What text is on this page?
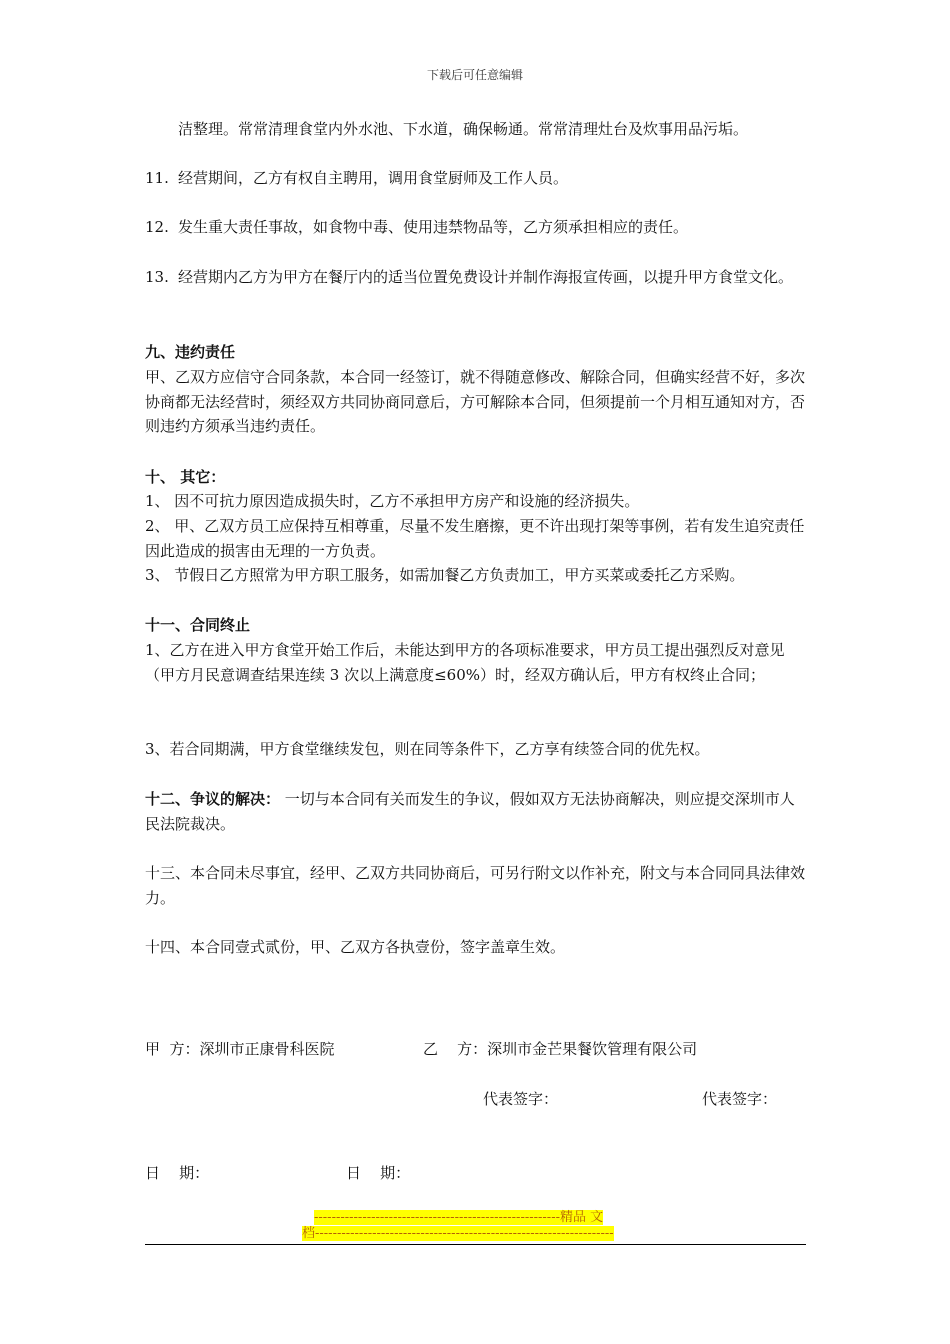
下载后可任意编辑

洁整理。常常清理食堂内外水池、下水道，确保畅通。常常清理灶台及炊事用品污垢。

11. 经营期间，乙方有权自主聘用，调用食堂厨师及工作人员。

12. 发生重大责任事故，如食物中毒、使用违禁物品等，乙方须承担相应的责任。

13. 经营期内乙方为甲方在餐厅内的适当位置免费设计并制作海报宣传画，以提升甲方食堂文化。

九、违约责任

甲、乙双方应信守合同条款，本合同一经签订，就不得随意修改、解除合同，但确实经营不好，多次协商都无法经营时，须经双方共同协商同意后，方可解除本合同，但须提前一个月相互通知对方，否则违约方须承当违约责任。

十、 其它：

1、 因不可抗力原因造成损失时，乙方不承担甲方房产和设施的经济损失。

2、 甲、乙双方员工应保持互相尊重，尽量不发生磨擦，更不许出现打架等事例，若有发生追究责任因此造成的损害由无理的一方负责。

3、 节假日乙方照常为甲方职工服务，如需加餐乙方负责加工，甲方买菜或委托乙方采购。

十一、合同终止

1、乙方在进入甲方食堂开始工作后，未能达到甲方的各项标准要求，甲方员工提出强烈反对意见（甲方月民意调查结果连续 3 次以上满意度≤60%）时，经双方确认后，甲方有权终止合同；

3、若合同期满，甲方食堂继续发包，则在同等条件下，乙方享有续签合同的优先权。

十二、争议的解决： 一切与本合同有关而发生的争议，假如双方无法协商解决，则应提交深圳市人民法院裁决。

十三、本合同未尽事宜，经甲、乙双方共同协商后，可另行附文以作补充，附文与本合同同具法律效力。

十四、本合同壹式贰份，甲、乙双方各执壹份，签字盖章生效。

甲  方：深圳市正康骨科医院	乙    方：深圳市金芒果餐饮管理有限公司
代表签字：	代表签字：
日    期：	日    期：
--------------------------------------------------------精品 文
档--------------------------------------------------------------------
